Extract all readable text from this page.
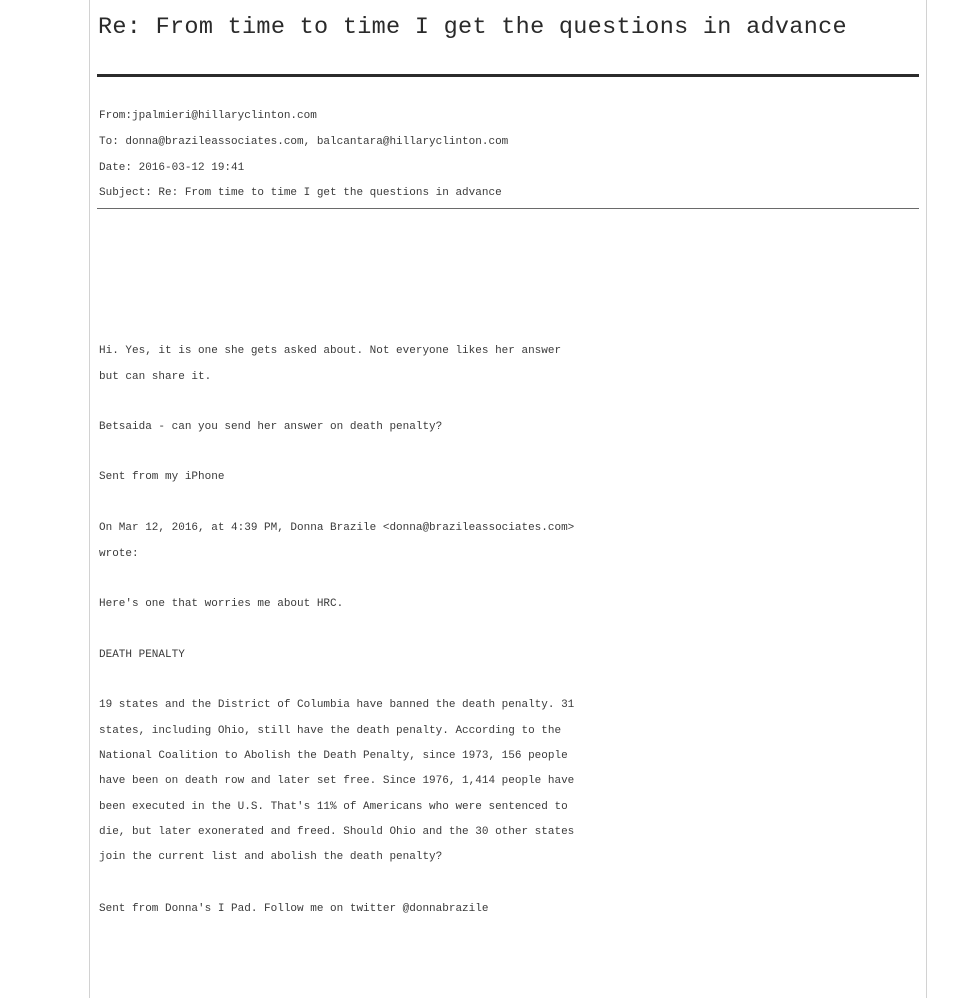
Re: From time to time I get the questions in advance
From:jpalmieri@hillaryclinton.com
To: donna@brazileassociates.com, balcantara@hillaryclinton.com
Date: 2016-03-12 19:41
Subject: Re: From time to time I get the questions in advance
Hi. Yes, it is one she gets asked about. Not everyone likes her answer
but can share it.
Betsaida - can you send her answer on death penalty?
Sent from my iPhone
On Mar 12, 2016, at 4:39 PM, Donna Brazile <donna@brazileassociates.com>
wrote:
Here's one that worries me about HRC.
DEATH PENALTY
19 states and the District of Columbia have banned the death penalty. 31
states, including Ohio, still have the death penalty. According to the
National Coalition to Abolish the Death Penalty, since 1973, 156 people
have been on death row and later set free. Since 1976, 1,414 people have
been executed in the U.S. That's 11% of Americans who were sentenced to
die, but later exonerated and freed. Should Ohio and the 30 other states
join the current list and abolish the death penalty?
Sent from Donna's I Pad. Follow me on twitter @donnabrazile
